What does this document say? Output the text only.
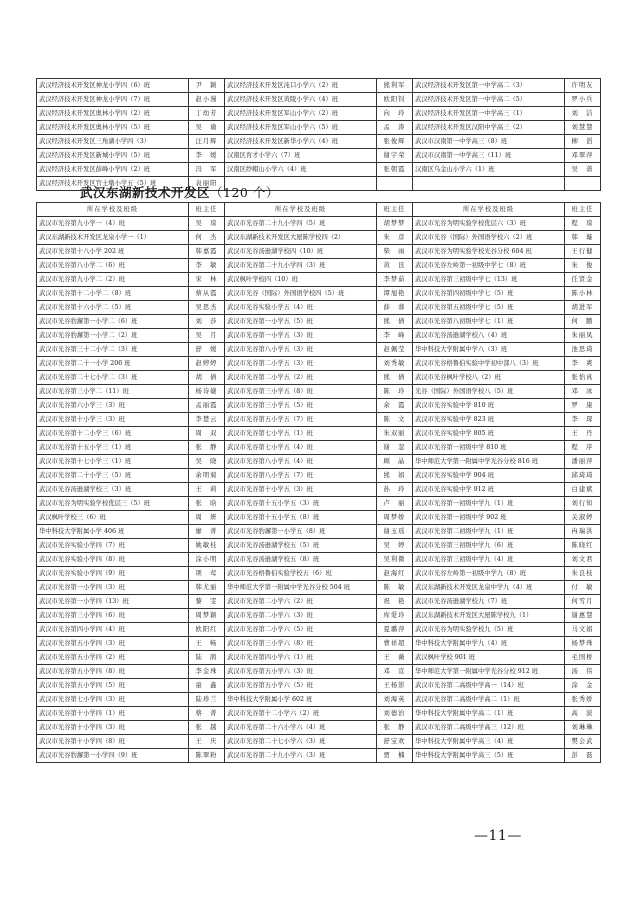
武汉经济技术开发区神龙小学四（6）班	尹　颖	武汉经济技术开发区沌口小学六（2）班	熊利军	武汉经济技术开发区第一中学高二（3）	许明友
武汉经济技术开发区神龙小学四（7）班	赵小漫	武汉经济技术开发区黄陵小学六（4）班	欧阳钊	武汉经济技术开发区第一中学高二（5）	罗小兵
武汉经济技术开发区奥林小学四（2）班	丁幼芳	武汉经济技术开发区军山小学六（2）班	向　玲	武汉经济技术开发区第一中学高三（1）	刘　洁
武汉经济技术开发区奥林小学四（5）班	吴　瑜	武汉经济技术开发区军山小学六（5）班	孟　涛	武汉经济技术开发区汉阳中学高三（2）	刘慧慧
武汉经济技术开发区三角湖小学四（3）	汪月辉	武汉经济技术开发区新华小学六（4）班	张俊辉	武汉市汉南第一中学高三（8）班	柳　滔
武汉经济技术开发区新城小学四（5）班	李　媛	汉南区育才小学六（7）班	谢宇荣	武汉市汉南第一中学高三（11）班	邓翠萍
武汉经济技术开发区薛峰小学四（2）班	冯　军	汉南区纱帽山小学六（4）班	张朝霞	汉南区乌金山小学六（1）班	吴　蔷
武汉经济技术开发区官士墩小学五（5）班	袁丽阳				
武汉东湖新技术开发区（120 个）
所在学校及班级	班主任	所在学校及班级	班主任	所在学校及班级	班主任
武汉市光谷第九小学一（4）班	吴　琼	武汉市光谷第二十九小学四（5）班	胡梦梦	武汉市光谷为明实验学校优层六（3）班	程　琼
武汉东湖新技术开发区龙泉小学一（1）	何　杰	武汉东湖新技术开发区大屋陈学校四（2）	朱　彦	武汉市光谷（国际）外国语学校六（2）班	韩　璇
武汉市光谷第十八小学 202 班	韩嘉霞	武汉市光谷汤逊湖学校四（10）班	柴　雨	武汉市光谷为明实验学校光谷分校 604 班	王行健
武汉市光谷第八小学二（6）班	李　敏	武汉市光谷第二十九小学四（3）班	黄　艮	武汉市光谷左岭第一初级中学七（8）班	朱　俊
武汉市光谷第九小学二（2）班	宋　林	武汉枫叶学校四（10）班	李梦茹	武汉市光谷第三初级中学七（13）班	任贤金
武汉市光谷第十二小学二（8）班	蔡从霞	武汉市光谷（国际）外国语学校四（5）班	谭旭艳	武汉市光谷第四初级中学七（5）班	陈小林
武汉市光谷第十六小学二（5）班	吴思杰	武汉市光谷实验小学五（4）班	薛　蓉	武汉市光谷第五初级中学七（5）班	胡进军
武汉市光谷豹澥第一小学二（6）班	刘　莎	武汉市光谷第一小学五（5）班	熊　倩	武汉市光谷第八初级中学七（1）班	何　鹏
武汉市光谷豹澥第一小学二（2）班	吴　月	武汉市光谷第一小学五（3）班	李　峰	武汉市光谷汤逊湖学校八（4）班	朱丽凤
武汉市光谷第三十二小学二（3）班	舒　媛	武汉市光谷第八小学五（3）班	赵佩莹	华中科技大学附属中学八（3）班	池思琦
武汉市光谷第二十一小学 206 班	赵婷婷	武汉市光谷第二小学五（3）班	刘秀敏	武汉市光谷格鲁伯实验中学初中部八（3）班	李　爽
武汉市光谷第二十七小学二（3）班	胡　倩	武汉市光谷第二小学五（2）班	熊　倩	武汉市光谷枫叶学校八（2）班	张怡真
武汉市光谷第三小学二（11）班	杨诗婕	武汉市光谷第三小学五（8）班	陈　玲	光谷（国际）外国语学校八（5）班	邓　冰
武汉市光谷第六小学三（3）班	孟丽霞	武汉市光谷第三小学五（5）班	余　霞	武汉市光谷实验中学 810 班	罗　康
武汉市光谷第十小学三（3）班	李楚云	武汉市光谷第五小学五（7）班	陈　文	武汉市光谷实验中学 823 班	李　琛
武汉市光谷第十二小学三（6）班	周　双	武汉市光谷第七小学五（1）班	朱双丽	武汉市光谷实验中学 805 班	王　丹
武汉市光谷第十五小学三（1）班	张　静	武汉市光谷第七小学五（4）班	谢　忽	武汉市光谷第一初级中学 810 班	程　序
武汉市光谷第十七小学三（1）班	吴　晓	武汉市光谷第八小学五（4）班	顾　晶	华中师范大学第一附属中学光谷分校 816 班	潘丽萍
武汉市光谷第二十小学三（5）班	余明菊	武汉市光谷第八小学五（7）班	熊　娟	武汉市光谷实验中学 904 班	邱琦琦
武汉市光谷汤逊湖学校三（3）班	王　莉	武汉市光谷第十小学五（3）班	孙　玲	武汉市光谷实验中学 912 班	白建斌
武汉市光谷为明实验学校优层三（5）班	张　晗	武汉市光谷第十五小学五（3）班	卢　丽	武汉市光谷第一初级中学九（1）班	刘行知
武汉枫叶学校三（6）班	周　妍	武汉市光谷第十五小学五（8）班	周梦娇	武汉市光谷第一初级中学 902 班	关淑婷
华中科技大学附属小学 406 班	廖　菁	武汉市光谷豹澥第一小学五（8）班	谢玉瑶	武汉市光谷第二初级中学九（1）班	冉瑞洪
武汉市光谷实验小学四（7）班	姚敏桂	武汉市光谷汤逊湖学校五（5）班	吴　婷	武汉市光谷第三初级中学九（6）班	陈晓红
武汉市光谷实验小学四（8）班	涂小明	武汉市光谷汤逊湖学校五（8）班	吴利微	武汉市光谷第三初级中学九（4）班	刘文君
武汉市光谷实验小学四（9）班	项　莺	武汉市光谷格鲁伯实验学校五（6）班	赵海红	武汉市光谷左岭第一初级中学九（8）班	朱良枝
武汉市光谷第一小学四（3）班	韩尤丽	华中师范大学第一附属中学光谷分校 504 班	陈　敏	武汉东湖新技术开发区龙泉中学九（4）班	付　敏
武汉市光谷第一小学四（13）班	黎　雯	武汉市光谷第二小学六（2）班	祝　艳	武汉市光谷汤逊湖学校九（7）班	何雪月
武汉市光谷第三小学四（6）班	周梦颖	武汉市光谷第二小学六（3）班	库爱玲	武汉东湖新技术开发区大屋陈学校九（1）	谢惠慧
武汉市光谷第四小学四（4）班	欧阳红	武汉市光谷第二小学六（5）班	夏璐萍	武汉市光谷为明实验学校九（5）班	马文娟
武汉市光谷第五小学四（3）班	王　畅	武汉市光谷第三小学六（8）班	曹祥超	华中科技大学附属中学九（4）班	杨梦珠
武汉市光谷第五小学四（2）班	陆　鹃	武汉市光谷第四小学六（1）班	王　薇	武汉枫叶学校 901 班	毛国桥
武汉市光谷第五小学四（8）班	李金珠	武汉市光谷第五小学六（3）班	邓　宣	华中师范大学第一附属中学光谷分校 912 班	汤　伟
武汉市光谷第五小学四（5）班	童　鑫	武汉市光谷第五小学六（5）班	王杨影	武汉市光谷第二高级中学高一（14）班	涂　金
武汉市光谷第七小学四（3）班	陆珍兰	华中科技大学附属小学 602 班	刘海英	武汉市光谷第二高级中学高二（1）班	张秀娇
武汉市光谷第十小学四（1）班	蔡　菁	武汉市光谷第十二小学六（2）班	刘德治	华中科技大学附属中学高二（1）班	高　波
武汉市光谷第十小学四（3）班	张　越	武汉市光谷第二十六小学六（4）班	张　静	武汉市光谷第二高级中学高三（12）班	刘琳琳
武汉市光谷第十小学四（8）班	王　庆	武汉市光谷第二十七小学六（3）班	舒宝欢	华中科技大学附属中学高三（4）班	樊会武
武汉市光谷豹澥第一小学四（9）班	陈翠粉	武汉市光谷第二十九小学六（3）班	贾　楠	华中科技大学附属中学高三（5）班	彭　磊
—11—
